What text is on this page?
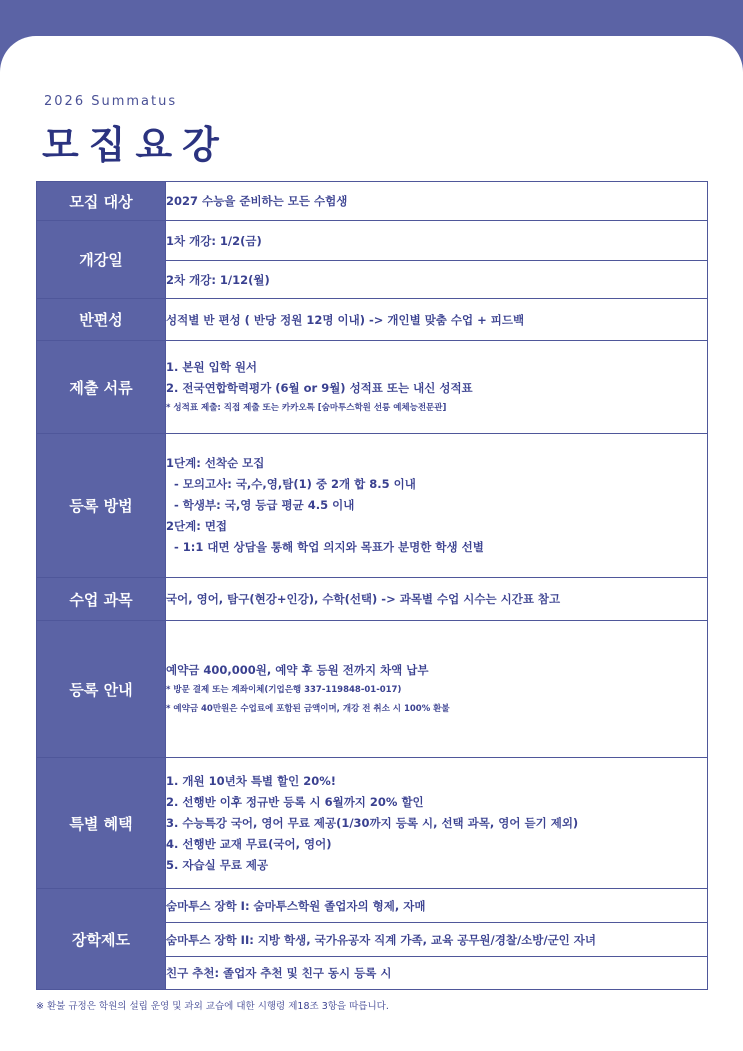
2026 Summatus
모집요강
모집 대상	2027 수능을 준비하는 모든 수험생
개강일	1차 개강: 1/2(금)
	2차 개강: 1/12(월)
반편성	성적별 반 편성 ( 반당 정원 12명 이내) -> 개인별 맞춤 수업 + 피드백
제출 서류	1. 본원 입학 원서
2. 전국연합학력평가 (6월 or 9월) 성적표 또는 내신 성적표
* 성적표 제출: 직접 제출 또는 카카오톡 [숨마투스학원 선릉 예체능전문관]

등록 방법	1단계: 선착순 모집
- 모의고사: 국,수,영,탐(1) 중 2개 합 8.5 이내
- 학생부: 국,영 등급 평균 4.5 이내
2단계: 면접
- 1:1 대면 상담을 통해 학업 의지와 목표가 분명한 학생 선별

수업 과목	국어, 영어, 탐구(현강+인강), 수학(선택) -> 과목별 수업 시수는 시간표 참고
등록 안내	예약금 400,000원, 예약 후 등원 전까지 차액 납부
* 방문 결제 또는 계좌이체(기업은행 337-119848-01-017)
* 예약금 40만원은 수업료에 포함된 금액이며, 개강 전 취소 시 100% 환불

특별 혜택	1. 개원 10년차 특별 할인 20%!
2. 선행반 이후 정규반 등록 시 6월까지 20% 할인
3. 수능특강 국어, 영어 무료 제공(1/30까지 등록 시, 선택 과목, 영어 듣기 제외)
4. 선행반 교재 무료(국어, 영어)
5. 자습실 무료 제공

장학제도	숨마투스 장학 I: 숨마투스학원 졸업자의 형제, 자매
	숨마투스 장학 II: 지방 학생, 국가유공자 직계 가족, 교육 공무원/경찰/소방/군인 자녀
	친구 추천: 졸업자 추천 및 친구 동시 등록 시
※ 환불 규정은 학원의 설립 운영 및 과외 교습에 대한 시행령 제18조 3항을 따릅니다.
